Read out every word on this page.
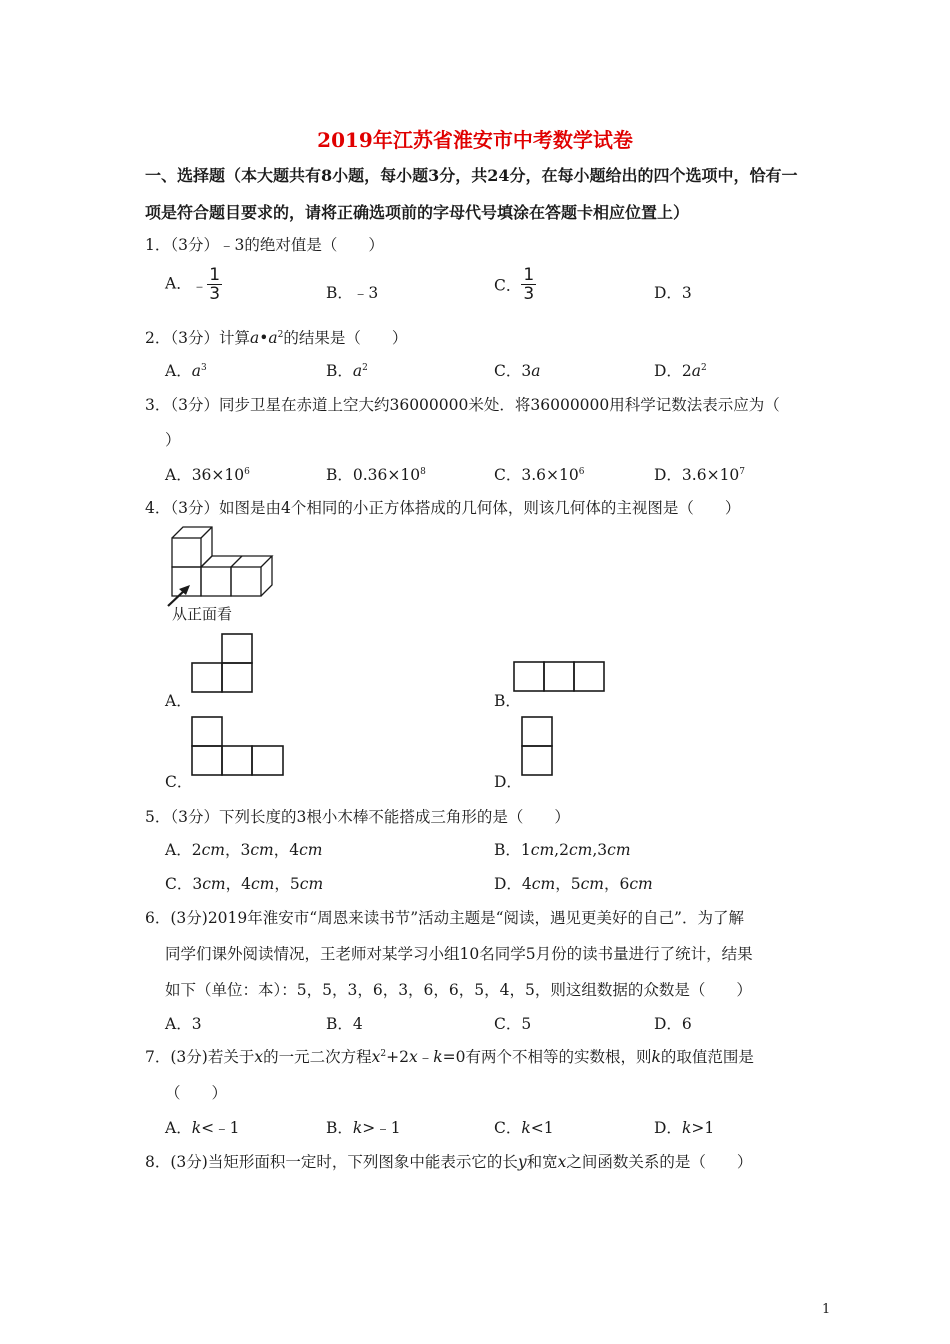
2019年江苏省淮安市中考数学试卷
一、选择题（本大题共有8小题，每小题3分，共24分，在每小题给出的四个选项中，恰有一
项是符合题目要求的，请将正确选项前的字母代号填涂在答题卡相应位置上）
1．（3分）﹣3的绝对值是（　　）
A．﹣ $\frac{1}{3}$	B．﹣3	C． $\frac{1}{3}$	D．3
2．（3分）计算$a•a^2$的结果是（　　）
A．$a^3$	B．$a^2$	C．3a	D．$2a^2$
3．（3分）同步卫星在赤道上空大约36000000米处．将36000000用科学记数法表示应为（
）
A．$36\times 10^6$	B．$0.36\times 10^8$	C．$3.6\times 10^6$	D．$3.6\times 10^7$
4．（3分）如图是由4个相同的小正方体搭成的几何体，则该几何体的主视图是（　　）
从正面看
A．	B．
C．	D．
5．（3分）下列长度的3根小木棒不能搭成三角形的是（　　）
A．2cm，3cm，4cm	B．1cm,2cm,3cm
C．3cm，4cm，5cm	D．4cm，5cm，6cm
6．(3分)2019年淮安市“周恩来读书节”活动主题是“阅读，遇见更美好的自己”．为了解
同学们课外阅读情况，王老师对某学习小组10名同学5月份的读书量进行了统计，结果
如下（单位：本）：5，5，3，6，3，6，6，5，4，5，则这组数据的众数是（　　）
A．3	B．4	C．5	D．6
7．(3分)若关于x的一元二次方程$x^2+2x﹣k=0$有两个不相等的实数根，则k的取值范围是
（　　）
A．k<﹣1	B．k>﹣1	C．k<1	D．k>1
8．(3分)当矩形面积一定时，下列图象中能表示它的长y和宽x之间函数关系的是（　　）
1
